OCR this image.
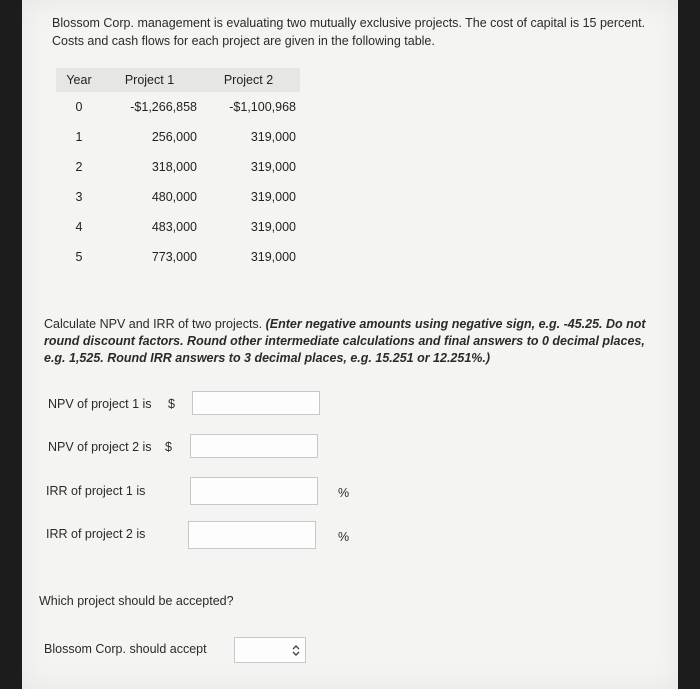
Blossom Corp. management is evaluating two mutually exclusive projects. The cost of capital is 15 percent. Costs and cash flows for each project are given in the following table.
Year	Project 1	Project 2
0	-$1,266,858	-$1,100,968
1	256,000	319,000
2	318,000	319,000
3	480,000	319,000
4	483,000	319,000
5	773,000	319,000
Calculate NPV and IRR of two projects. (Enter negative amounts using negative sign, e.g. -45.25. Do not round discount factors. Round other intermediate calculations and final answers to 0 decimal places, e.g. 1,525. Round IRR answers to 3 decimal places, e.g. 15.251 or 12.251%.)
NPV of project 1 is $
NPV of project 2 is $
IRR of project 1 is	%
IRR of project 2 is	%
Which project should be accepted?
Blossom Corp. should accept
